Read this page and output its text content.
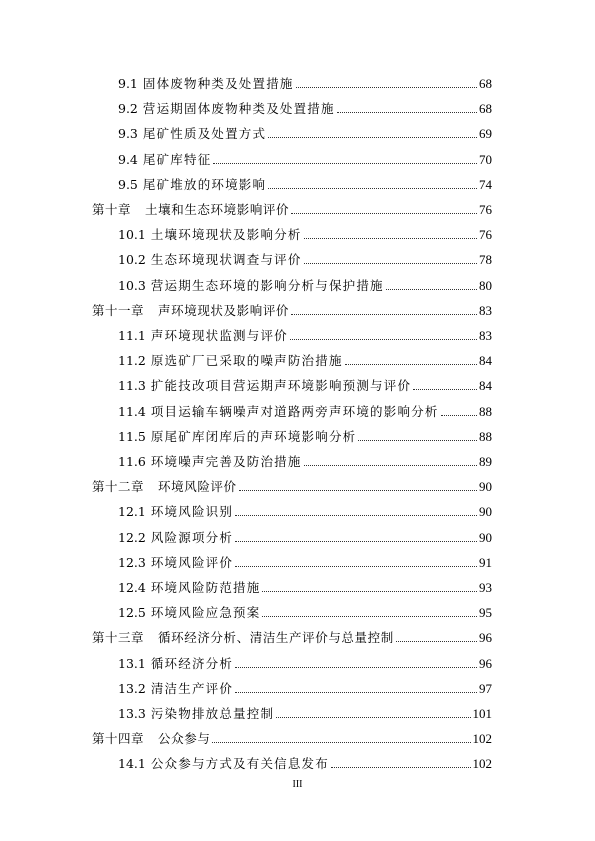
9.1 固体废物种类及处置措施	68
9.2 营运期固体废物种类及处置措施	68
9.3 尾矿性质及处置方式	69
9.4 尾矿库特征	70
9.5 尾矿堆放的环境影响	74
第十章 土壤和生态环境影响评价	76
10.1 土壤环境现状及影响分析	76
10.2 生态环境现状调查与评价	78
10.3 营运期生态环境的影响分析与保护措施	80
第十一章 声环境现状及影响评价	83
11.1 声环境现状监测与评价	83
11.2 原选矿厂已采取的噪声防治措施	84
11.3 扩能技改项目营运期声环境影响预测与评价	84
11.4 项目运输车辆噪声对道路两旁声环境的影响分析	88
11.5 原尾矿库闭库后的声环境影响分析	88
11.6 环境噪声完善及防治措施	89
第十二章 环境风险评价	90
12.1 环境风险识别	90
12.2 风险源项分析	90
12.3 环境风险评价	91
12.4 环境风险防范措施	93
12.5 环境风险应急预案	95
第十三章 循环经济分析、清洁生产评价与总量控制	96
13.1 循环经济分析	96
13.2 清洁生产评价	97
13.3 污染物排放总量控制	101
第十四章 公众参与	102
14.1 公众参与方式及有关信息发布	102
III
